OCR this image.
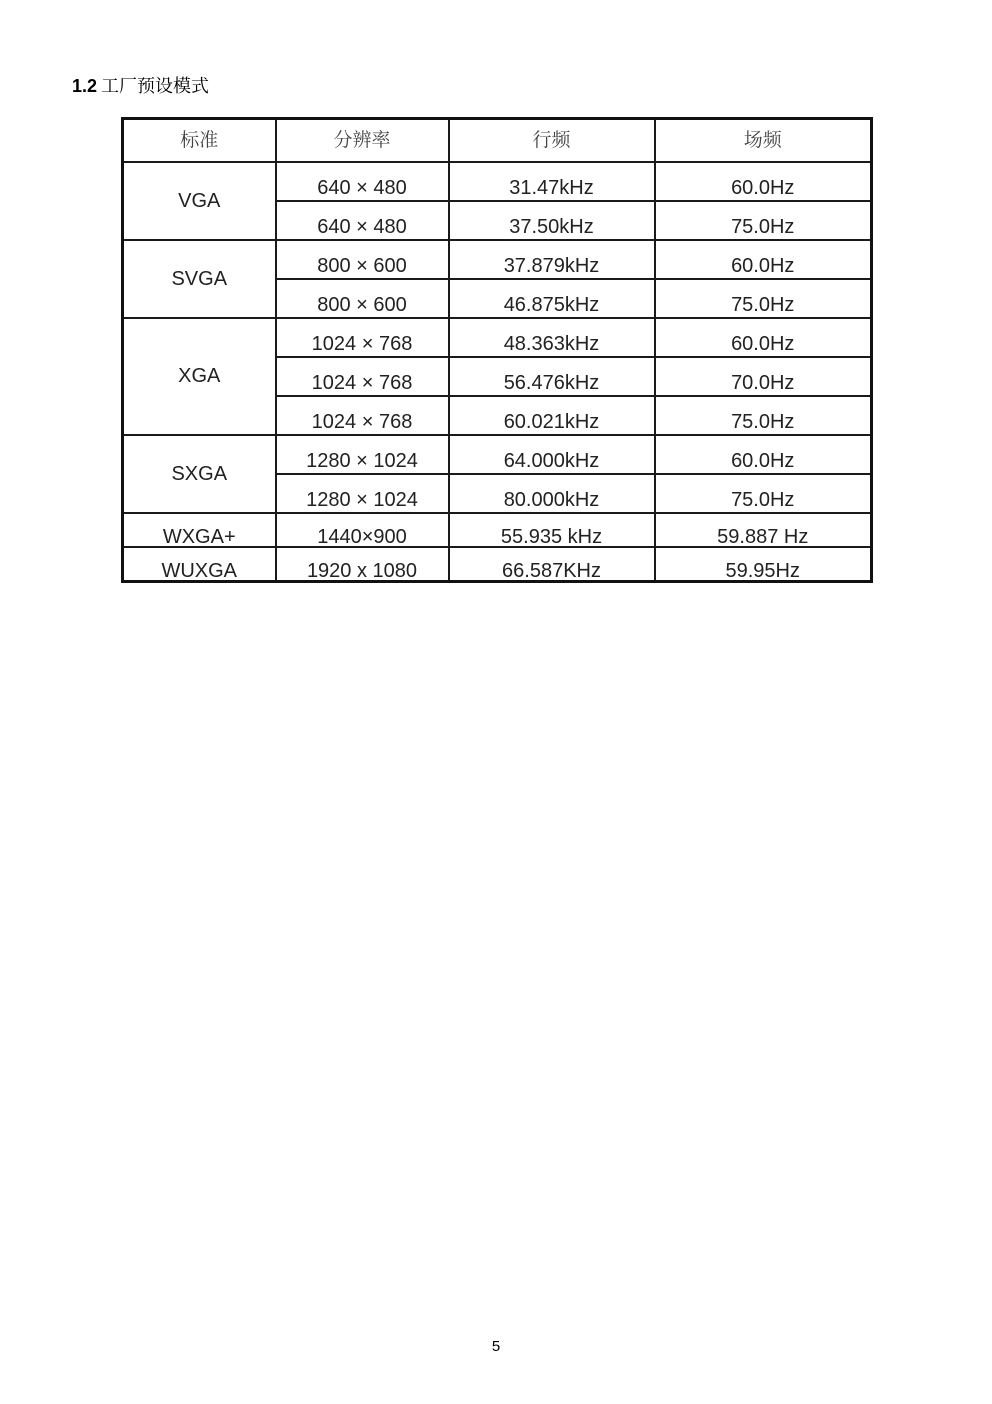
1.2 工厂预设模式
标准	分辨率	行频	场频
VGA	640 × 480	31.47kHz	60.0Hz
	640 × 480	37.50kHz	75.0Hz
SVGA	800 × 600	37.879kHz	60.0Hz
	800 × 600	46.875kHz	75.0Hz
XGA	1024 × 768	48.363kHz	60.0Hz
	1024 × 768	56.476kHz	70.0Hz
	1024 × 768	60.021kHz	75.0Hz
SXGA	1280 × 1024	64.000kHz	60.0Hz
	1280 × 1024	80.000kHz	75.0Hz
WXGA+	1440×900	55.935 kHz	59.887 Hz
WUXGA	1920 x 1080	66.587KHz	59.95Hz
5
